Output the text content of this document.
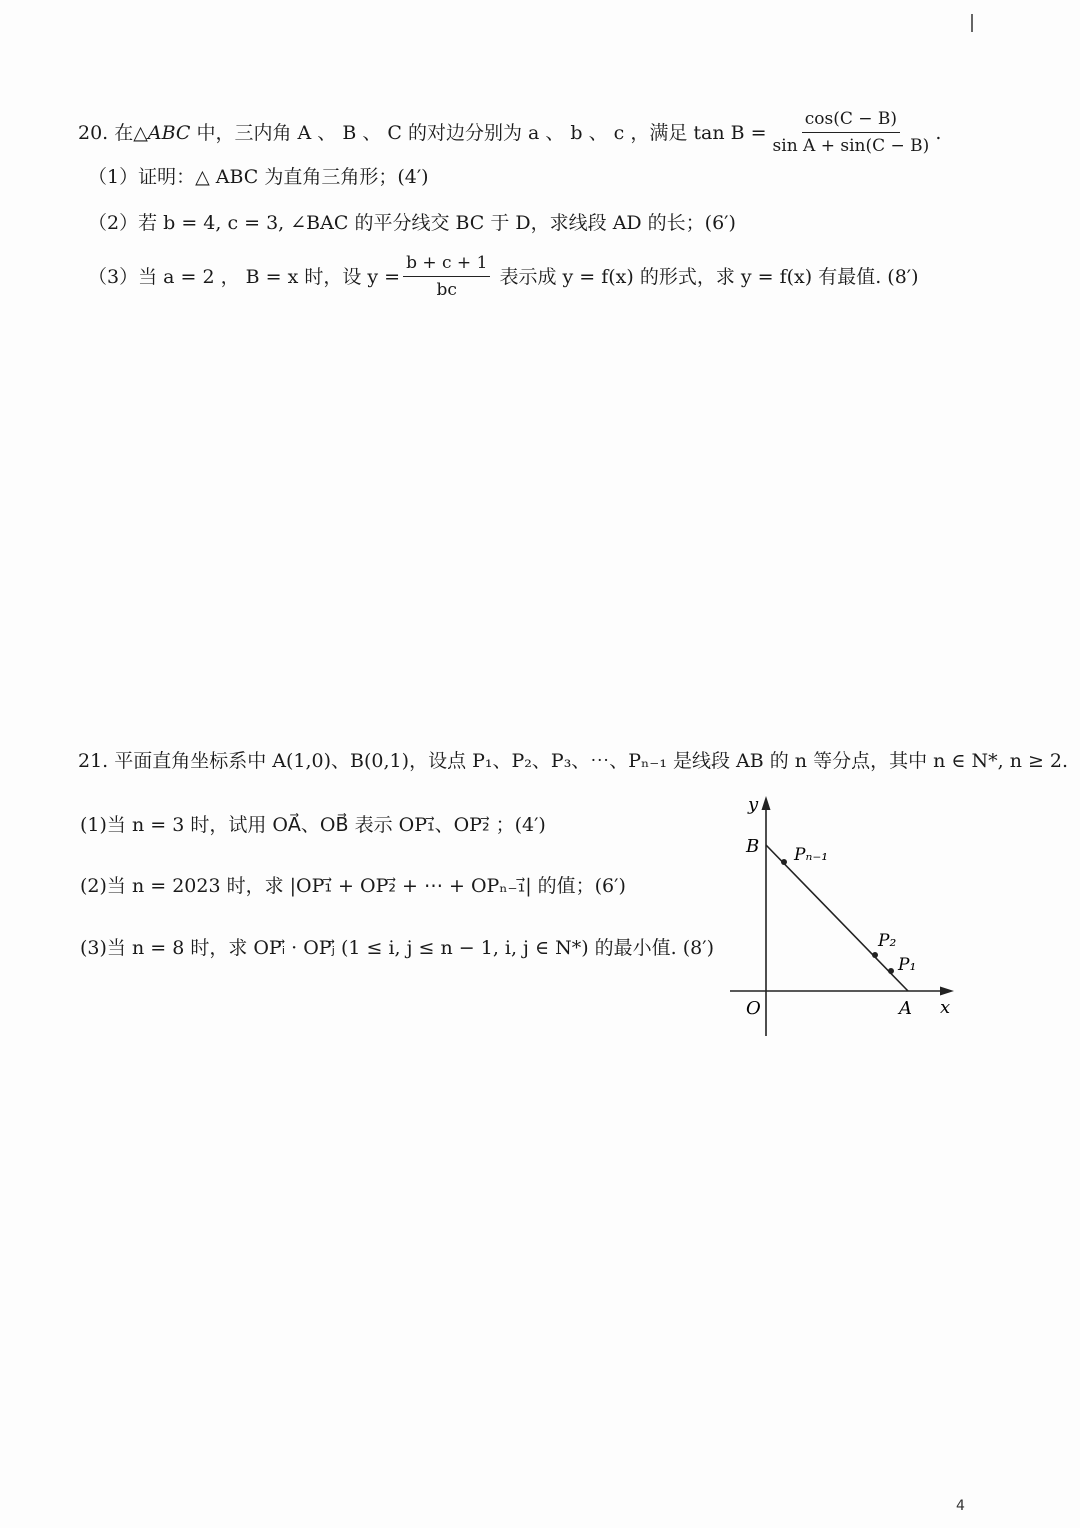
20. 在△ ABC 中，三内角 A 、 B 、 C 的对边分别为 a 、 b 、 c ，满足 $\tan B = \frac{\cos(C - B)}{\text{sin A + sin(C − B)}}$ .
（1）证明：△ ABC 为直角三角形；(4′)
（2）若 b = 4, c = 3, ∠BAC 的平分线交 BC 于 D，求线段 AD 的长；(6′)
（3）当 a = 2 ， B = x 时，设 $y = \frac{b + c + 1}{bc}$ 表示成 y = f(x) 的形式，求 y = f(x) 有最值. (8′)
21. 平面直角坐标系中 A(1,0)、B(0,1)，设点 P₁、P₂、P₃、⋯、Pₙ₋₁ 是线段 AB 的 n 等分点，其中 n ∈ N*, n ≥ 2.
(1)当 n = 3 时，试用 OA⃗、OB⃗ 表示 OP₁⃗、OP₂⃗ ；(4′)
(2)当 n = 2023 时，求 |OP₁⃗ + OP₂⃗ + ⋯ + OPₙ₋₁⃗| 的值；(6′)
(3)当 n = 8 时，求 OPᵢ⃗ · OPⱼ⃗ (1 ≤ i, j ≤ n − 1, i, j ∈ N*) 的最小值. (8′)
y
x
O	A
B Pₙ₋₁
P₂
P₁
4
